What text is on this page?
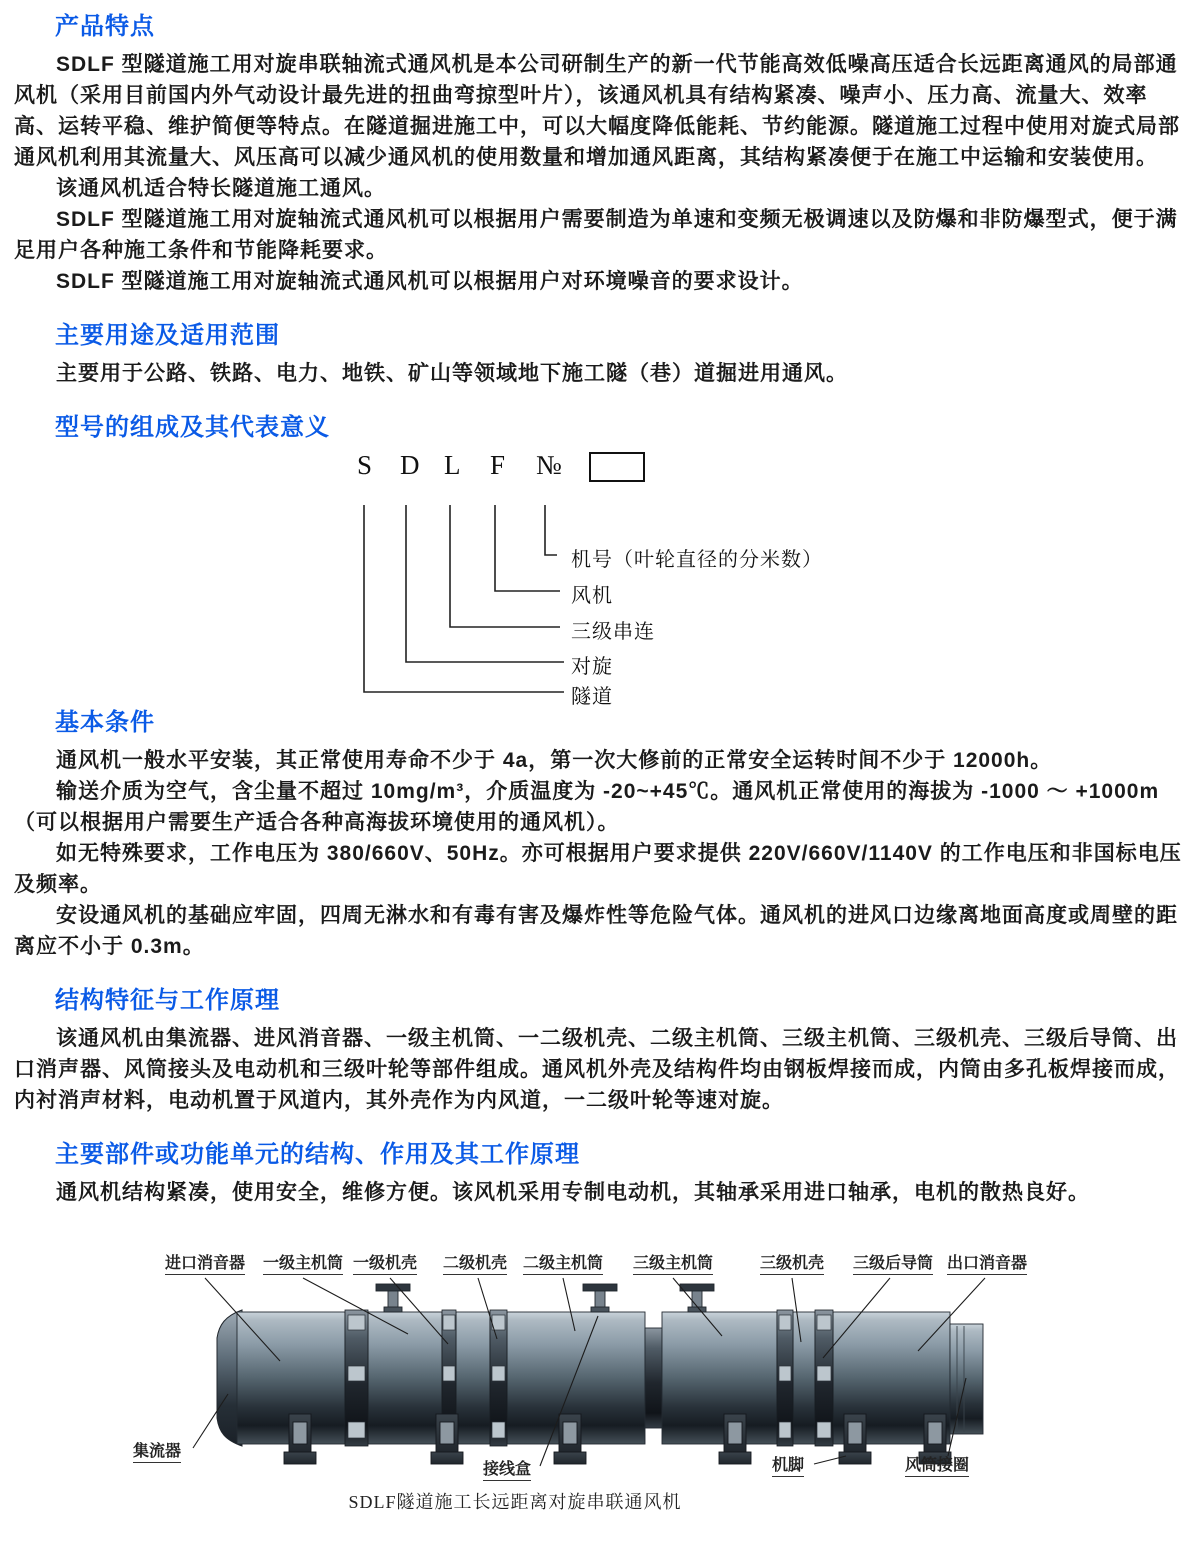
产品特点

SDLF 型隧道施工用对旋串联轴流式通风机是本公司研制生产的新一代节能高效低噪高压适合长远距离通风的局部通风机（采用目前国内外气动设计最先进的扭曲弯掠型叶片），该通风机具有结构紧凑、噪声小、压力高、流量大、效率高、运转平稳、维护简便等特点。在隧道掘进施工中，可以大幅度降低能耗、节约能源。隧道施工过程中使用对旋式局部通风机利用其流量大、风压高可以减少通风机的使用数量和增加通风距离，其结构紧凑便于在施工中运输和安装使用。

该通风机适合特长隧道施工通风。

SDLF 型隧道施工用对旋轴流式通风机可以根据用户需要制造为单速和变频无极调速以及防爆和非防爆型式，便于满足用户各种施工条件和节能降耗要求。

SDLF 型隧道施工用对旋轴流式通风机可以根据用户对环境噪音的要求设计。

主要用途及适用范围

主要用于公路、铁路、电力、地铁、矿山等领域地下施工隧（巷）道掘进用通风。

型号的组成及其代表意义
S D L F №
机号（叶轮直径的分米数）
风机
三级串连
对旋
隧道
基本条件

通风机一般水平安装，其正常使用寿命不少于 4a，第一次大修前的正常安全运转时间不少于 12000h。

输送介质为空气，含尘量不超过 10mg/m³，介质温度为 -20~+45℃。通风机正常使用的海拔为 -1000 ～ +1000m（可以根据用户需要生产适合各种高海拔环境使用的通风机）。

如无特殊要求，工作电压为 380/660V、50Hz。亦可根据用户要求提供 220V/660V/1140V 的工作电压和非国标电压及频率。

安设通风机的基础应牢固，四周无淋水和有毒有害及爆炸性等危险气体。通风机的进风口边缘离地面高度或周壁的距离应不小于 0.3m。

结构特征与工作原理

该通风机由集流器、进风消音器、一级主机筒、一二级机壳、二级主机筒、三级主机筒、三级机壳、三级后导筒、出口消声器、风筒接头及电动机和三级叶轮等部件组成。通风机外壳及结构件均由钢板焊接而成，内筒由多孔板焊接而成，内衬消声材料，电动机置于风道内，其外壳作为内风道，一二级叶轮等速对旋。

主要部件或功能单元的结构、作用及其工作原理

通风机结构紧凑，使用安全，维修方便。该风机采用专制电动机，其轴承采用进口轴承，电机的散热良好。

进口消音器 一级主机筒 一级机壳 二级机壳 二级主机筒 三级主机筒	三级机壳 三级后导筒 出口消音器
集流器
接线盒	机脚	风筒接圈
SDLF隧道施工长远距离对旋串联通风机
